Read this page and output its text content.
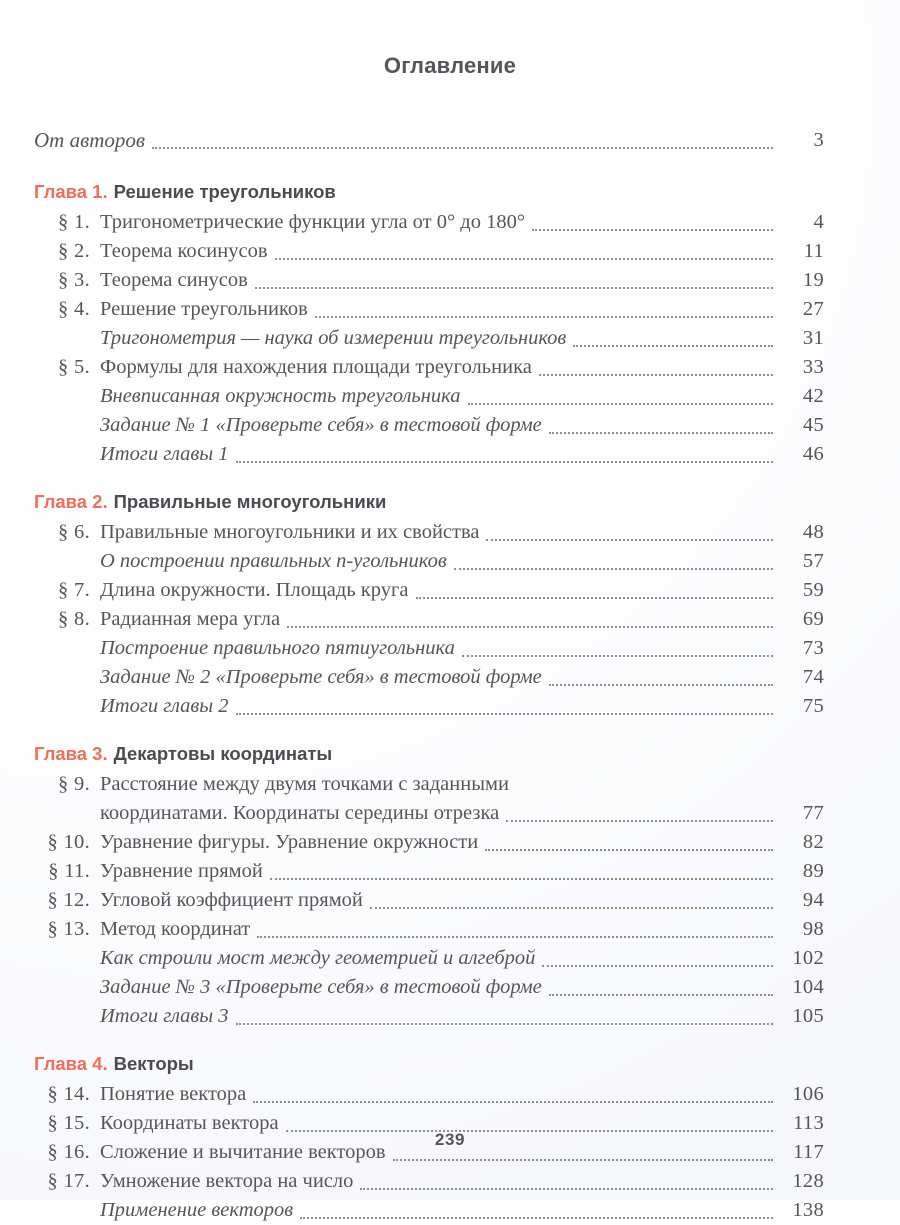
Оглавление
От авторов	3
Глава 1. Решение треугольников
§ 1. Тригонометрические функции угла от 0° до 180°	4
§ 2. Теорема косинусов	11
§ 3. Теорема синусов	19
§ 4. Решение треугольников	27
Тригонометрия — наука об измерении треугольников	31
§ 5. Формулы для нахождения площади треугольника	33
Вневписанная окружность треугольника	42
Задание № 1 «Проверьте себя» в тестовой форме	45
Итоги главы 1	46
Глава 2. Правильные многоугольники
§ 6. Правильные многоугольники и их свойства	48
О построении правильных n-угольников	57
§ 7. Длина окружности. Площадь круга	59
§ 8. Радианная мера угла	69
Построение правильного пятиугольника	73
Задание № 2 «Проверьте себя» в тестовой форме	74
Итоги главы 2	75
Глава 3. Декартовы координаты
§ 9. Расстояние между двумя точками с заданными
координатами. Координаты середины отрезка	77
§ 10. Уравнение фигуры. Уравнение окружности	82
§ 11. Уравнение прямой	89
§ 12. Угловой коэффициент прямой	94
§ 13. Метод координат	98
Как строили мост между геометрией и алгеброй	102
Задание № 3 «Проверьте себя» в тестовой форме	104
Итоги главы 3	105
Глава 4. Векторы
§ 14. Понятие вектора	106
§ 15. Координаты вектора	113
§ 16. Сложение и вычитание векторов	117
§ 17. Умножение вектора на число	128
Применение векторов	138
239
